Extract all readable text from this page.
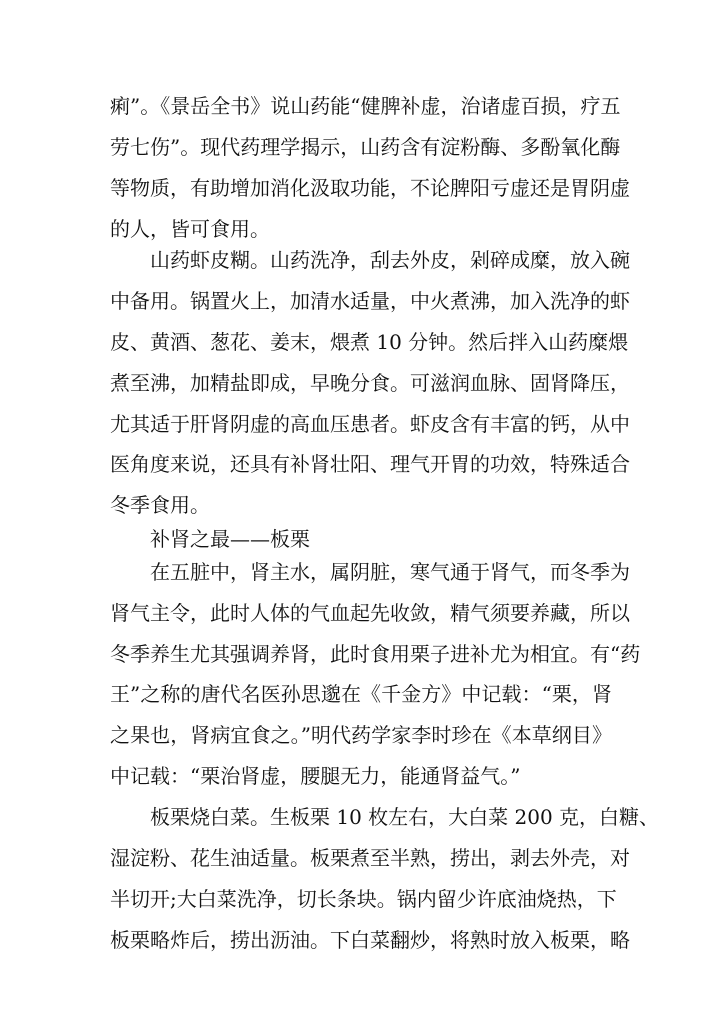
痢”。《景岳全书》说山药能“健脾补虚，治诸虚百损，疗五
劳七伤”。现代药理学揭示，山药含有淀粉酶、多酚氧化酶
等物质，有助增加消化汲取功能，不论脾阳亏虚还是胃阴虚
的人，皆可食用。
山药虾皮糊。山药洗净，刮去外皮，剁碎成糜，放入碗
中备用。锅置火上，加清水适量，中火煮沸，加入洗净的虾
皮、黄酒、葱花、姜末，煨煮 10 分钟。然后拌入山药糜煨
煮至沸，加精盐即成，早晚分食。可滋润血脉、固肾降压，
尤其适于肝肾阴虚的高血压患者。虾皮含有丰富的钙，从中
医角度来说，还具有补肾壮阳、理气开胃的功效，特殊适合
冬季食用。
补肾之最——板栗
在五脏中，肾主水，属阴脏，寒气通于肾气，而冬季为
肾气主令，此时人体的气血起先收敛，精气须要养藏，所以
冬季养生尤其强调养肾，此时食用栗子进补尤为相宜。有“药
王”之称的唐代名医孙思邈在《千金方》中记载：“栗，肾
之果也，肾病宜食之。”明代药学家李时珍在《本草纲目》
中记载：“栗治肾虚，腰腿无力，能通肾益气。”
板栗烧白菜。生板栗 10 枚左右，大白菜 200 克，白糖、
湿淀粉、花生油适量。板栗煮至半熟，捞出，剥去外壳，对
半切开;大白菜洗净，切长条块。锅内留少许底油烧热，下
板栗略炸后，捞出沥油。下白菜翻炒，将熟时放入板栗，略
